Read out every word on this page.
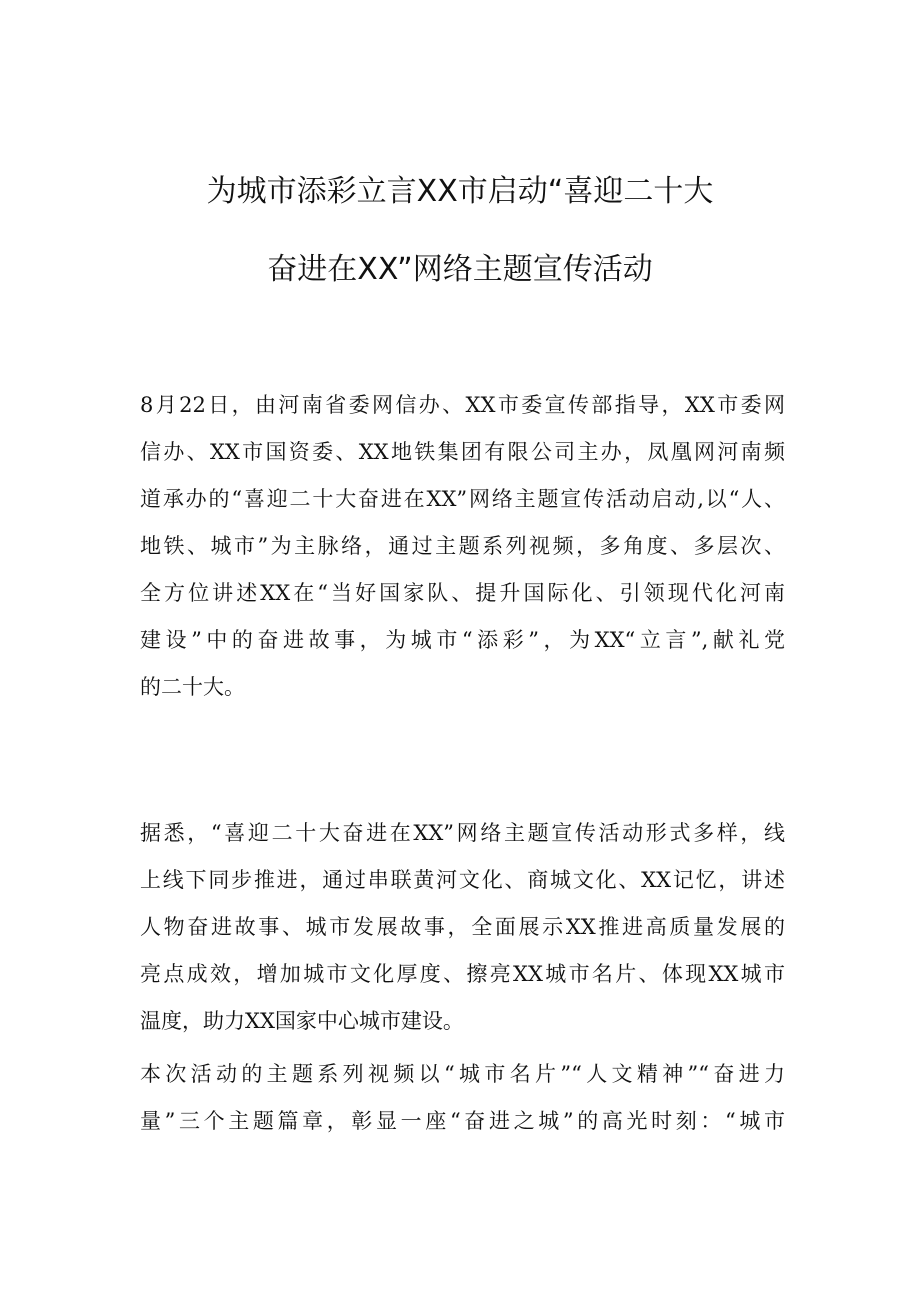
为城市添彩立言XX市启动“喜迎二十大
奋进在XX”网络主题宣传活动
8月22日，由河南省委网信办、XX市委宣传部指导，XX市委网
信办、XX市国资委、XX地铁集团有限公司主办，凤凰网河南频
道承办的“喜迎二十大奋进在XX”网络主题宣传活动启动,以“人、
地铁、城市”为主脉络，通过主题系列视频，多角度、多层次、
全方位讲述XX在“当好国家队、提升国际化、引领现代化河南
建设”中的奋进故事，为城市“添彩”，为XX“立言”,献礼党
的二十大。
据悉，“喜迎二十大奋进在XX”网络主题宣传活动形式多样，线
上线下同步推进，通过串联黄河文化、商城文化、XX记忆，讲述
人物奋进故事、城市发展故事，全面展示XX推进高质量发展的
亮点成效，增加城市文化厚度、擦亮XX城市名片、体现XX城市
温度，助力XX国家中心城市建设。
本次活动的主题系列视频以“城市名片”“人文精神”“奋进力
量”三个主题篇章，彰显一座“奋进之城”的高光时刻：“城市
